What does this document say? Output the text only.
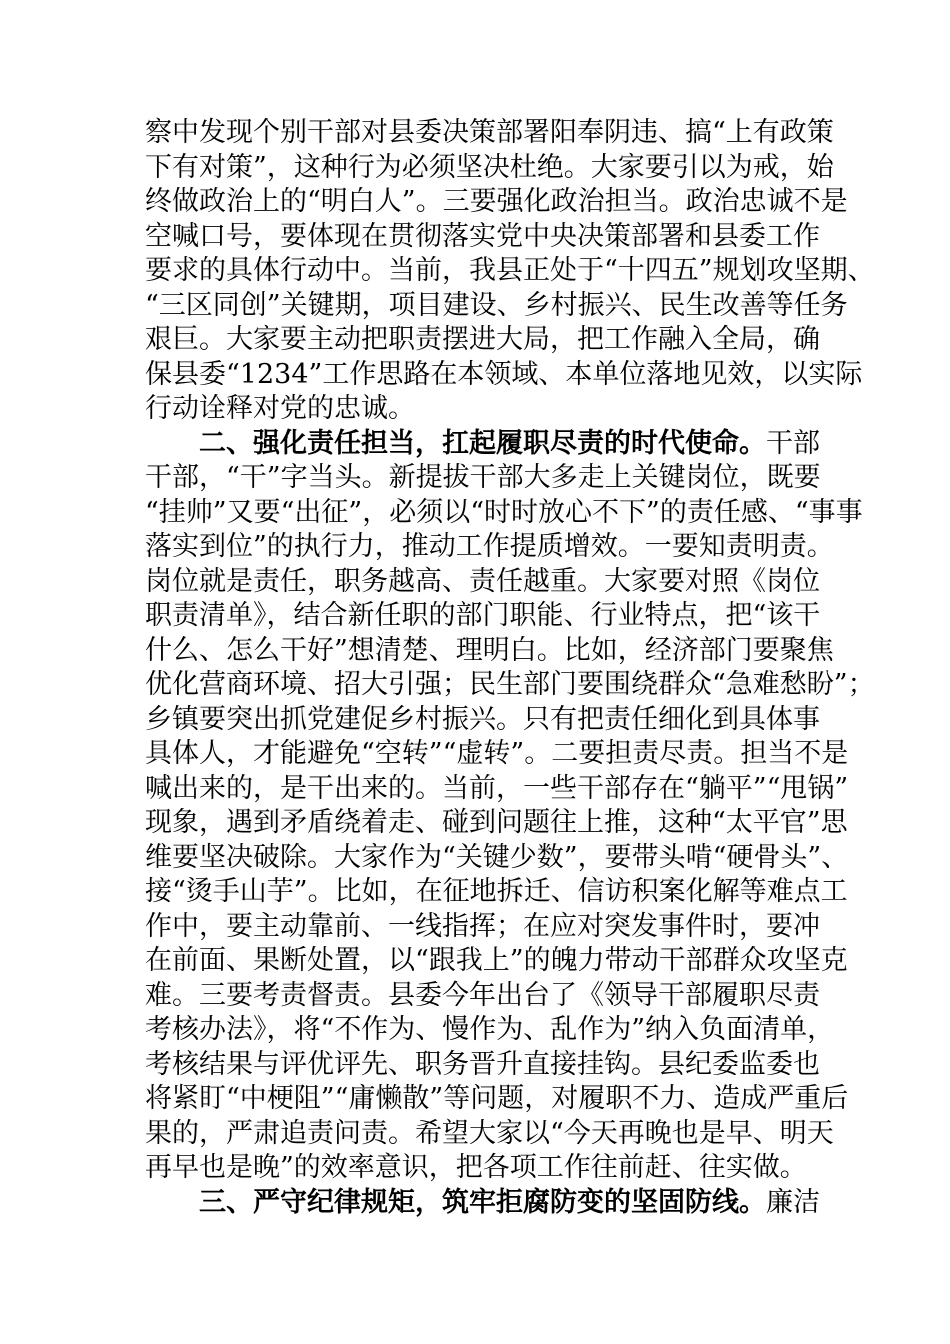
察中发现个别干部对县委决策部署阳奉阴违、搞“上有政策
下有对策”，这种行为必须坚决杜绝。大家要引以为戒，始
终做政治上的“明白人”。三要强化政治担当。政治忠诚不是
空喊口号，要体现在贯彻落实党中央决策部署和县委工作
要求的具体行动中。当前，我县正处于“十四五”规划攻坚期、
“三区同创”关键期，项目建设、乡村振兴、民生改善等任务
艰巨。大家要主动把职责摆进大局，把工作融入全局，确
保县委“1234”工作思路在本领域、本单位落地见效，以实际
行动诠释对党的忠诚。
二、强化责任担当，扛起履职尽责的时代使命。干部
干部，“干”字当头。新提拔干部大多走上关键岗位，既要
“挂帅”又要“出征”，必须以“时时放心不下”的责任感、“事事
落实到位”的执行力，推动工作提质增效。一要知责明责。
岗位就是责任，职务越高、责任越重。大家要对照《岗位
职责清单》，结合新任职的部门职能、行业特点，把“该干
什么、怎么干好”想清楚、理明白。比如，经济部门要聚焦
优化营商环境、招大引强；民生部门要围绕群众“急难愁盼”；
乡镇要突出抓党建促乡村振兴。只有把责任细化到具体事
具体人，才能避免“空转”“虚转”。二要担责尽责。担当不是
喊出来的，是干出来的。当前，一些干部存在“躺平”“甩锅”
现象，遇到矛盾绕着走、碰到问题往上推，这种“太平官”思
维要坚决破除。大家作为“关键少数”，要带头啃“硬骨头”、
接“烫手山芋”。比如，在征地拆迁、信访积案化解等难点工
作中，要主动靠前、一线指挥；在应对突发事件时，要冲
在前面、果断处置，以“跟我上”的魄力带动干部群众攻坚克
难。三要考责督责。县委今年出台了《领导干部履职尽责
考核办法》，将“不作为、慢作为、乱作为”纳入负面清单，
考核结果与评优评先、职务晋升直接挂钩。县纪委监委也
将紧盯“中梗阻”“庸懒散”等问题，对履职不力、造成严重后
果的，严肃追责问责。希望大家以“今天再晚也是早、明天
再早也是晚”的效率意识，把各项工作往前赶、往实做。
三、严守纪律规矩，筑牢拒腐防变的坚固防线。廉洁
